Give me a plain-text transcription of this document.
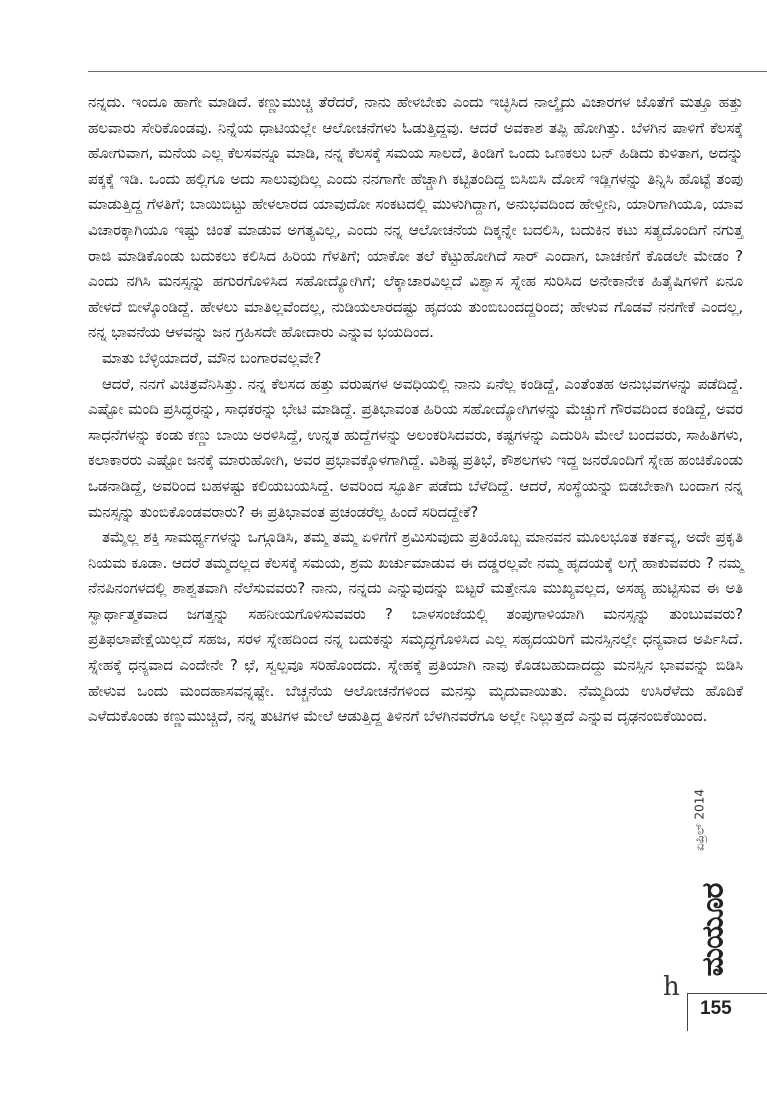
ನನ್ನದು. ಇಂದೂ ಹಾಗೇ ಮಾಡಿದೆ. ಕಣ್ಣುಮುಚ್ಚಿ ತೆರೆದರೆ, ನಾನು ಹೇಳಬೇಕು ಎಂದು ಇಚ್ಛಿಸಿದ ನಾಲ್ಕೈದು ವಿಚಾರಗಳ ಜೊತೆಗೆ ಮತ್ತೂ ಹತ್ತು ಹಲವಾರು ಸೇರಿಕೊಂಡವು. ನಿನ್ನೆಯ ಧಾಟಿಯಲ್ಲೇ ಆಲೋಚನೆಗಳು ಓಡುತ್ತಿದ್ದವು. ಆದರೆ ಅವಕಾಶ ತಪ್ಪಿ ಹೋಗಿತ್ತು. ಬೆಳಗಿನ ಪಾಳಿಗೆ ಕೆಲಸಕ್ಕೆ ಹೋಗುವಾಗ, ಮನೆಯ ಎಲ್ಲ ಕೆಲಸವನ್ನೂ ಮಾಡಿ, ನನ್ನ ಕೆಲಸಕ್ಕೆ ಸಮಯ ಸಾಲದೆ, ತಿಂಡಿಗೆ ಒಂದು ಒಣಕಲು ಬನ್ ಹಿಡಿದು ಕುಳಿತಾಗ, ಅದನ್ನು ಪಕ್ಕಕ್ಕೆ ಇಡಿ. ಒಂದು ಹಲ್ಲಿಗೂ ಅದು ಸಾಲುವುದಿಲ್ಲ ಎಂದು ನನಗಾಗೇ ಹೆಚ್ಚಾಗಿ ಕಟ್ಟಿತಂದಿದ್ದ ಬಿಸಿಬಿಸಿ ದೋಸೆ ಇಡ್ಲಿಗಳನ್ನು ತಿನ್ನಿಸಿ ಹೊಟ್ಟೆ ತಂಪು ಮಾಡುತ್ತಿದ್ದ ಗೆಳತಿಗೆ; ಬಾಯಿಬಿಟ್ಟು ಹೇಳಲಾರದ ಯಾವುದೋ ಸಂಕಟದಲ್ಲಿ ಮುಳುಗಿದ್ದಾಗ, ಅನುಭವದಿಂದ ಹೇಳ್ತೀನಿ, ಯಾರಿಗಾಗಿಯೂ, ಯಾವ ವಿಚಾರಕ್ಕಾಗಿಯೂ ಇಷ್ಟು ಚಿಂತೆ ಮಾಡುವ ಅಗತ್ಯವಿಲ್ಲ, ಎಂದು ನನ್ನ ಆಲೋಚನೆಯ ದಿಕ್ಕನ್ನೇ ಬದಲಿಸಿ, ಬದುಕಿನ ಕಟು ಸತ್ಯದೊಂದಿಗೆ ನಗುತ್ತ ರಾಜಿ ಮಾಡಿಕೊಂಡು ಬದುಕಲು ಕಲಿಸಿದ ಹಿರಿಯ ಗೆಳತಿಗೆ; ಯಾಕೋ ತಲೆ ಕೆಟ್ಟುಹೋಗಿದೆ ಸಾರ್ ಎಂದಾಗ, ಬಾಚಣಿಗೆ ಕೊಡಲೇ ಮೇಡಂ ? ಎಂದು ನಗಿಸಿ ಮನಸ್ಸನ್ನು ಹಗುರಗೊಳಿಸಿದ ಸಹೋದ್ಯೋಗಿಗೆ; ಲೆಕ್ಕಾಚಾರವಿಲ್ಲದೆ ವಿಶ್ವಾಸ ಸ್ನೇಹ ಸುರಿಸಿದ ಅನೇಕಾನೇಕ ಹಿತೈಷಿಗಳಿಗೆ ಏನೂ ಹೇಳದೆ ಬೀಳ್ಕೊಂಡಿದ್ದೆ. ಹೇಳಲು ಮಾತಿಲ್ಲವೆಂದಲ್ಲ, ನುಡಿಯಲಾರದಷ್ಟು ಹೃದಯ ತುಂಬಿಬಂದದ್ದರಿಂದ; ಹೇಳುವ ಗೊಡವೆ ನನಗೇಕೆ ಎಂದಲ್ಲ, ನನ್ನ ಭಾವನೆಯ ಆಳವನ್ನು ಜನ ಗ್ರಹಿಸದೇ ಹೋದಾರು ಎನ್ನುವ ಭಯದಿಂದ.

ಮಾತು ಬೆಳ್ಳಿಯಾದರೆ, ಮೌನ ಬಂಗಾರವಲ್ಲವೇ?

ಆದರೆ, ನನಗೆ ವಿಚಿತ್ರವೆನಿಸಿತ್ತು. ನನ್ನ ಕೆಲಸದ ಹತ್ತು ವರುಷಗಳ ಅವಧಿಯಲ್ಲಿ ನಾನು ಏನೆಲ್ಲ ಕಂಡಿದ್ದೆ, ಎಂತೆಂತಹ ಅನುಭವಗಳನ್ನು ಪಡೆದಿದ್ದೆ. ಎಷ್ಟೋ ಮಂದಿ ಪ್ರಸಿದ್ಧರನ್ನು, ಸಾಧಕರನ್ನು ಭೇಟಿ ಮಾಡಿದ್ದೆ. ಪ್ರತಿಭಾವಂತ ಹಿರಿಯ ಸಹೋದ್ಯೋಗಿಗಳನ್ನು ಮೆಚ್ಚುಗೆ ಗೌರವದಿಂದ ಕಂಡಿದ್ದೆ, ಅವರ ಸಾಧನೆಗಳನ್ನು ಕಂಡು ಕಣ್ಣು ಬಾಯಿ ಅರಳಿಸಿದ್ದೆ, ಉನ್ನತ ಹುದ್ದೆಗಳನ್ನು ಅಲಂಕರಿಸಿದವರು, ಕಷ್ಟಗಳನ್ನು ಎದುರಿಸಿ ಮೇಲೆ ಬಂದವರು, ಸಾಹಿತಿಗಳು, ಕಲಾಕಾರರು ಎಷ್ಟೋ ಜನಕ್ಕೆ ಮಾರುಹೋಗಿ, ಅವರ ಪ್ರಭಾವಕ್ಕೊಳಗಾಗಿದ್ದೆ. ವಿಶಿಷ್ಟ ಪ್ರತಿಭೆ, ಕೌಶಲಗಳು ಇದ್ದ ಜನರೊಂದಿಗೆ ಸ್ನೇಹ ಹಂಚಿಕೊಂಡು ಒಡನಾಡಿದ್ದೆ, ಅವರಿಂದ ಬಹಳಷ್ಟು ಕಲಿಯಬಯಸಿದ್ದೆ. ಅವರಿಂದ ಸ್ಫೂರ್ತಿ ಪಡೆದು ಬೆಳೆದಿದ್ದೆ. ಆದರೆ, ಸಂಸ್ಥೆಯನ್ನು ಬಿಡಬೇಕಾಗಿ ಬಂದಾಗ ನನ್ನ ಮನಸ್ಸನ್ನು ತುಂಬಿಕೊಂಡವರಾರು? ಈ ಪ್ರತಿಭಾವಂತ ಪ್ರಚಂಡರೆಲ್ಲ ಹಿಂದೆ ಸರಿದದ್ದೇಕೆ?

ತಮ್ಮೆಲ್ಲ ಶಕ್ತಿ ಸಾಮರ್ಥ್ಯಗಳನ್ನು ಒಗ್ಗೂಡಿಸಿ, ತಮ್ಮ ತಮ್ಮ ಏಳಿಗೆಗೆ ಶ್ರಮಿಸುವುದು ಪ್ರತಿಯೊಬ್ಬ ಮಾನವನ ಮೂಲಭೂತ ಕರ್ತವ್ಯ, ಅದೇ ಪ್ರಕೃತಿ ನಿಯಮ ಕೂಡಾ. ಆದರೆ ತಮ್ಮದಲ್ಲದ ಕೆಲಸಕ್ಕೆ ಸಮಯ, ಶ್ರಮ ಖರ್ಚುಮಾಡುವ ಈ ದಡ್ಡರಲ್ಲವೇ ನಮ್ಮ ಹೃದಯಕ್ಕೆ ಲಗ್ಗೆ ಹಾಕುವವರು ? ನಮ್ಮ ನೆನಪಿನಂಗಳದಲ್ಲಿ ಶಾಶ್ವತವಾಗಿ ನೆಲೆಸುವವರು? ನಾನು, ನನ್ನದು ಎನ್ನುವುದನ್ನು ಬಿಟ್ಟರೆ ಮತ್ತೇನೂ ಮುಖ್ಯವಲ್ಲದ, ಅಸಹ್ಯ ಹುಟ್ಟಿಸುವ ಈ ಅತಿ ಸ್ವಾರ್ಥಾತ್ಮಕವಾದ ಜಗತ್ತನ್ನು ಸಹನೀಯಗೊಳಿಸುವವರು ? ಬಾಳಸಂಜೆಯಲ್ಲಿ ತಂಪುಗಾಳಿಯಾಗಿ ಮನಸ್ಸನ್ನು ತುಂಬುವವರು? ಪ್ರತಿಫಲಾಪೇಕ್ಷೆಯಿಲ್ಲದೆ ಸಹಜ, ಸರಳ ಸ್ನೇಹದಿಂದ ನನ್ನ ಬದುಕನ್ನು ಸಮೃದ್ಧಗೊಳಿಸಿದ ಎಲ್ಲ ಸಹೃದಯರಿಗೆ ಮನಸ್ಸಿನಲ್ಲೇ ಧನ್ಯವಾದ ಅರ್ಪಿಸಿದೆ. ಸ್ನೇಹಕ್ಕೆ ಧನ್ಯವಾದ ಎಂದೇನೇ ? ಛೆ, ಸ್ವಲ್ಪವೂ ಸರಿಹೊಂದದು. ಸ್ನೇಹಕ್ಕೆ ಪ್ರತಿಯಾಗಿ ನಾವು ಕೊಡಬಹುದಾದದ್ದು ಮನಸ್ಸಿನ ಭಾವವನ್ನು ಬಿಡಿಸಿ ಹೇಳುವ ಒಂದು ಮಂದಹಾಸವನ್ನಷ್ಟೇ. ಬೆಚ್ಚನೆಯ ಆಲೋಚನೆಗಳಿಂದ ಮನಸ್ಸು ಮೃದುವಾಯಿತು. ನೆಮ್ಮದಿಯ ಉಸಿರೆಳೆದು ಹೊದಿಕೆ ಎಳೆದುಕೊಂಡು ಕಣ್ಣುಮುಚ್ಚಿದೆ, ನನ್ನ ತುಟಿಗಳ ಮೇಲೆ ಆಡುತ್ತಿದ್ದ ತಿಳಿನಗೆ ಬೆಳಗಿನವರೆಗೂ ಅಲ್ಲೇ ನಿಲ್ಲುತ್ತದೆ ಎನ್ನುವ ದೃಢನಂಬಿಕೆಯಿಂದ.

ಏಪ್ರಿಲ್ 2014
ಮಯೂರ
h
155
